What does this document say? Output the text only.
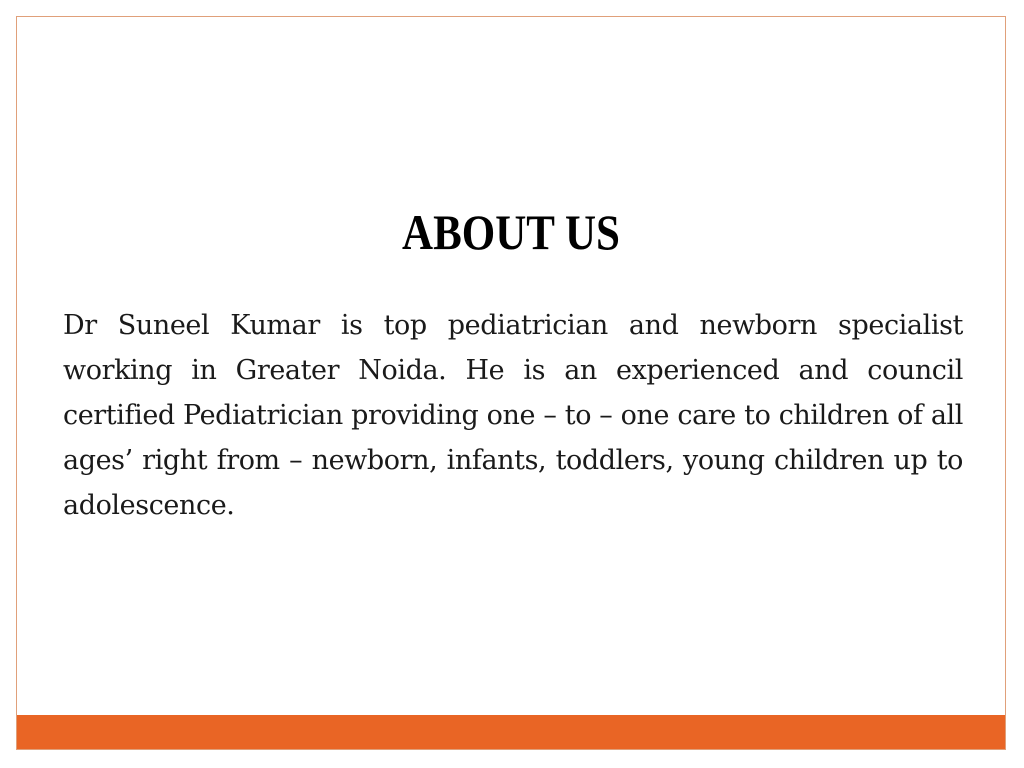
ABOUT US

Dr Suneel Kumar is top pediatrician and newborn specialist working in Greater Noida. He is an experienced and council certified Pediatrician providing one – to – one care to children of all ages’ right from – newborn, infants, toddlers, young children up to adolescence.
